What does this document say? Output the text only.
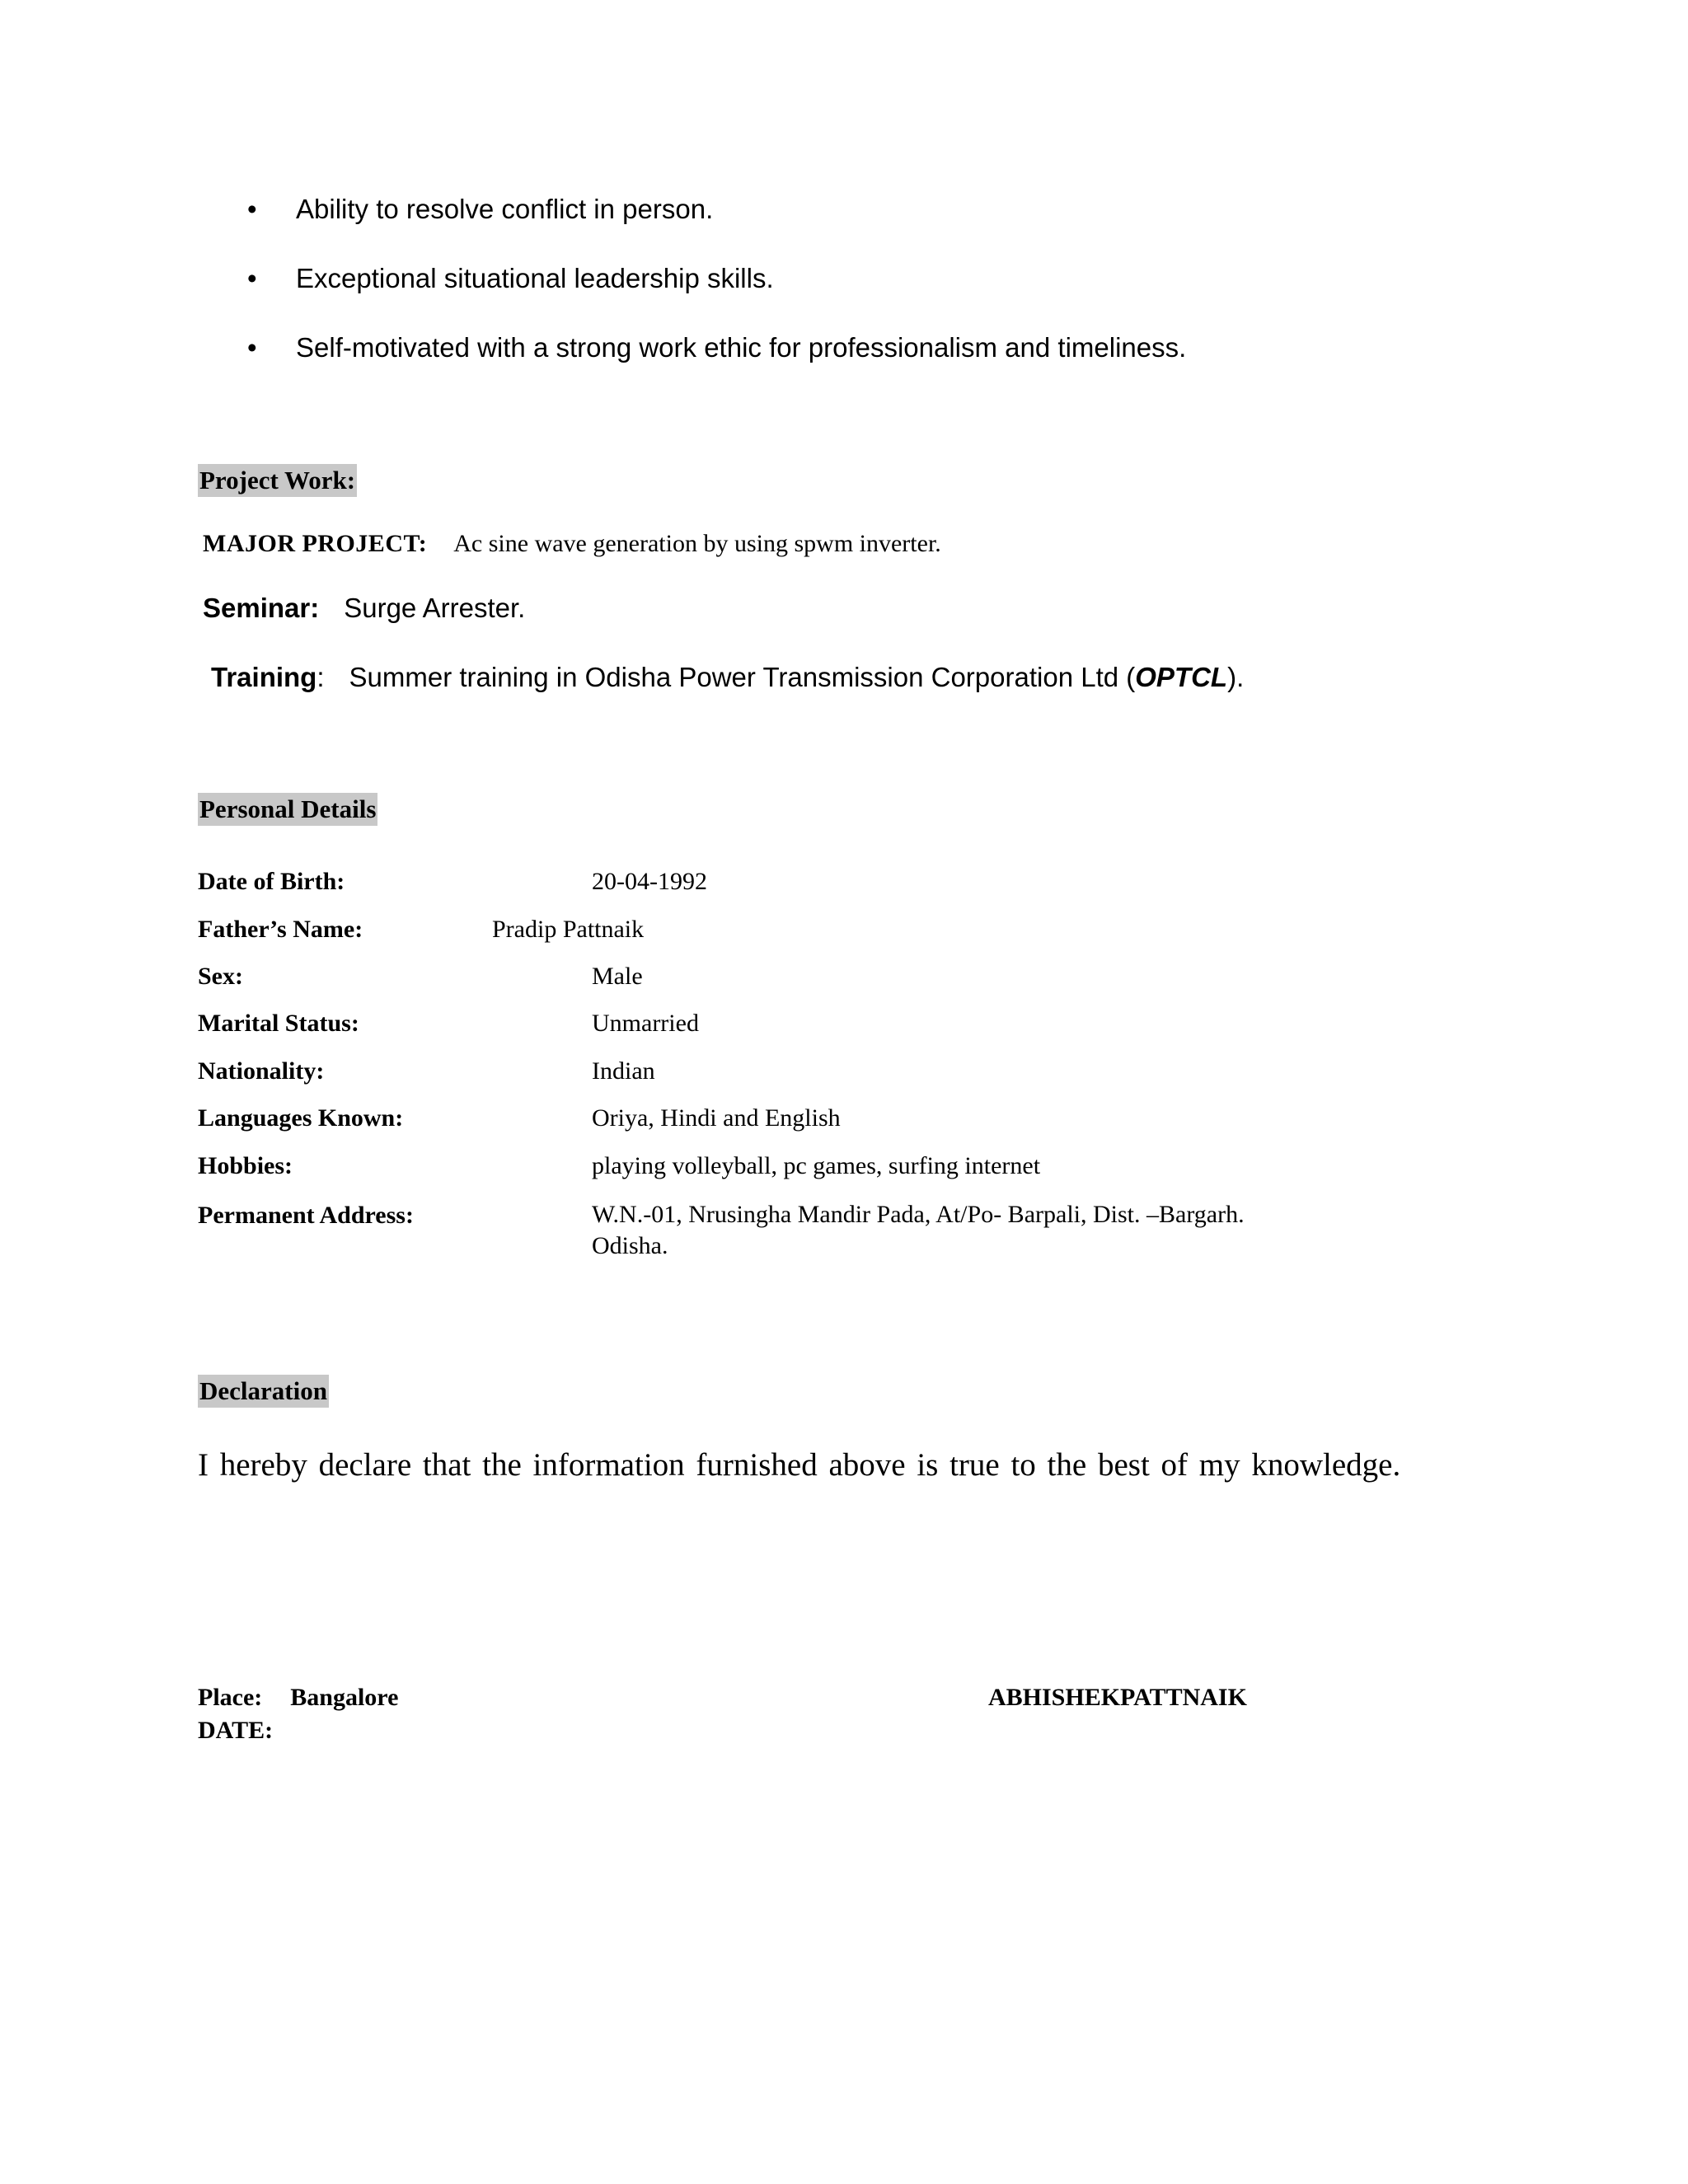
•	Ability to resolve conflict in person.
•	Exceptional situational leadership skills.
•	Self-motivated with a strong work ethic for professionalism and timeliness.
Project Work:
MAJOR PROJECT: Ac sine wave generation by using spwm inverter.
Seminar: Surge Arrester.
Training: Summer training in Odisha Power Transmission Corporation Ltd (OPTCL).
Personal Details
Date of Birth:	20-04-1992
Father’s Name:	Pradip Pattnaik
Sex:	Male
Marital Status:	Unmarried
Nationality:	Indian
Languages Known:	Oriya, Hindi and English
Hobbies:	playing volleyball, pc games, surfing internet
Permanent Address:	W.N.-01, Nrusingha Mandir Pada, At/Po- Barpali, Dist. –Bargarh.
Odisha.
Declaration
I hereby declare that the information furnished above is true to the best of my knowledge.
Place: Bangalore
DATE:
ABHISHEKPATTNAIK
